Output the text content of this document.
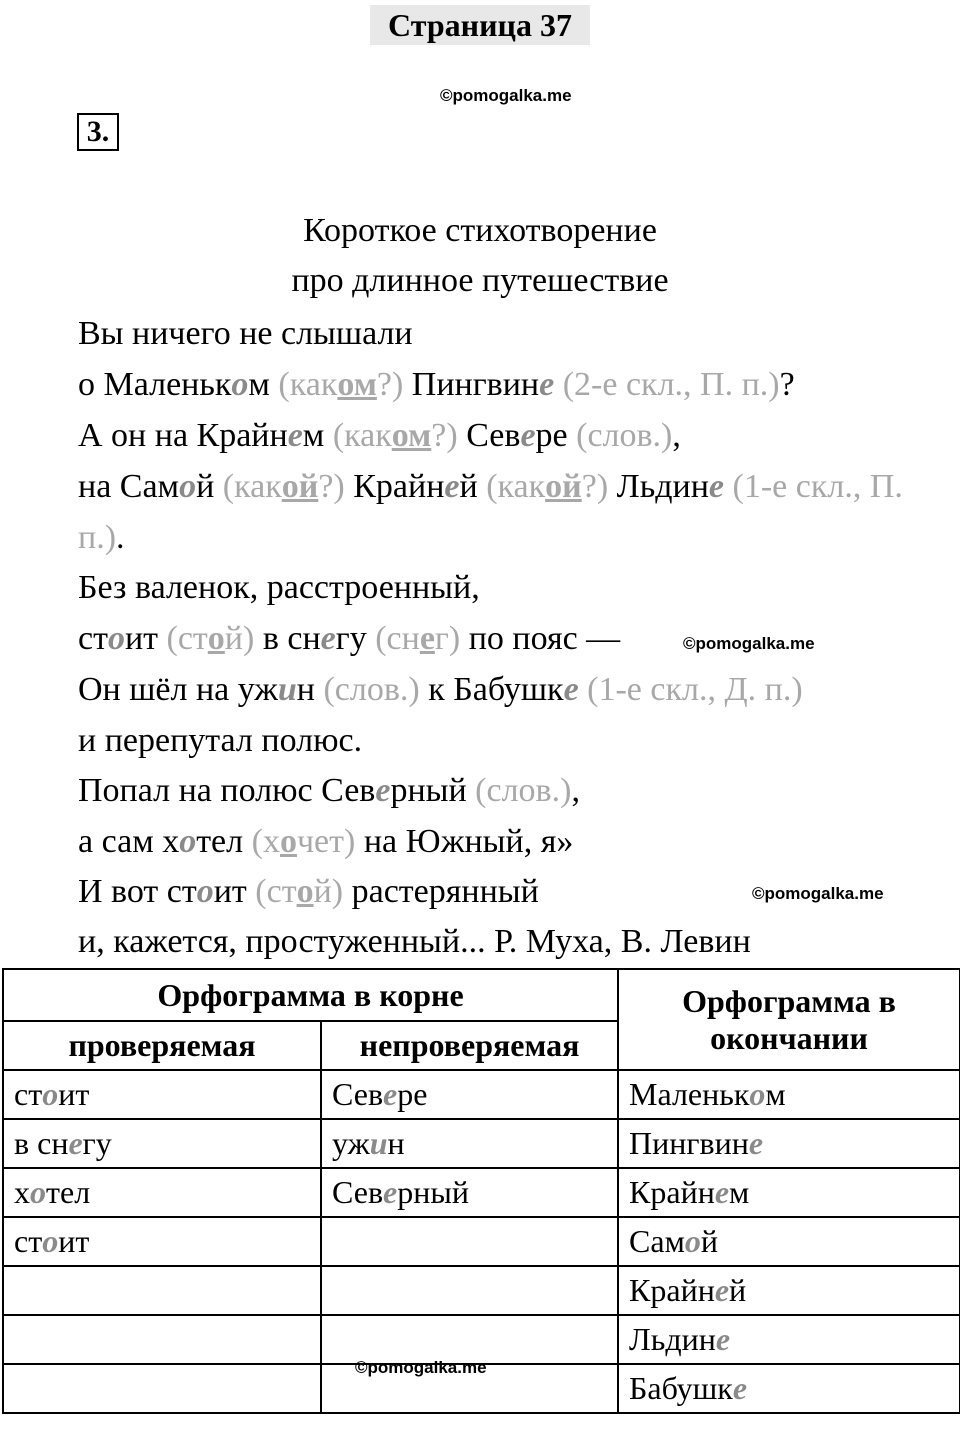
Страница 37
©pomogalka.me
3.
Короткое стихотворение
про длинное путешествие
Вы ничего не слышали
о Маленьком (каком?) Пингвине (2-е скл., П. п.)?
А он на Крайнем (каком?) Севере (слов.),
на Самой (какой?) Крайней (какой?) Льдине (1-е скл., П.
п.).
Без валенок, расстроенный,
стоит (стой) в снегу (снег) по пояс —	©pomogalka.me
Он шёл на ужин (слов.) к Бабушке (1-е скл., Д. п.)
и перепутал полюс.
Попал на полюс Северный (слов.),
а сам хотел (хочет) на Южный, я»
И вот стоит (стой) растерянный	©pomogalka.me
и, кажется, простуженный... Р. Муха, В. Левин
Орфограмма в корне		Орфограмма в
окончании
проверяемая	непроверяемая	
стоит	Севере	Маленьком
в снегу	ужин	Пингвине
хотел	Северный	Крайнем
стоит		Самой
		Крайней
		Льдине
		Бабушке
©pomogalka.me
